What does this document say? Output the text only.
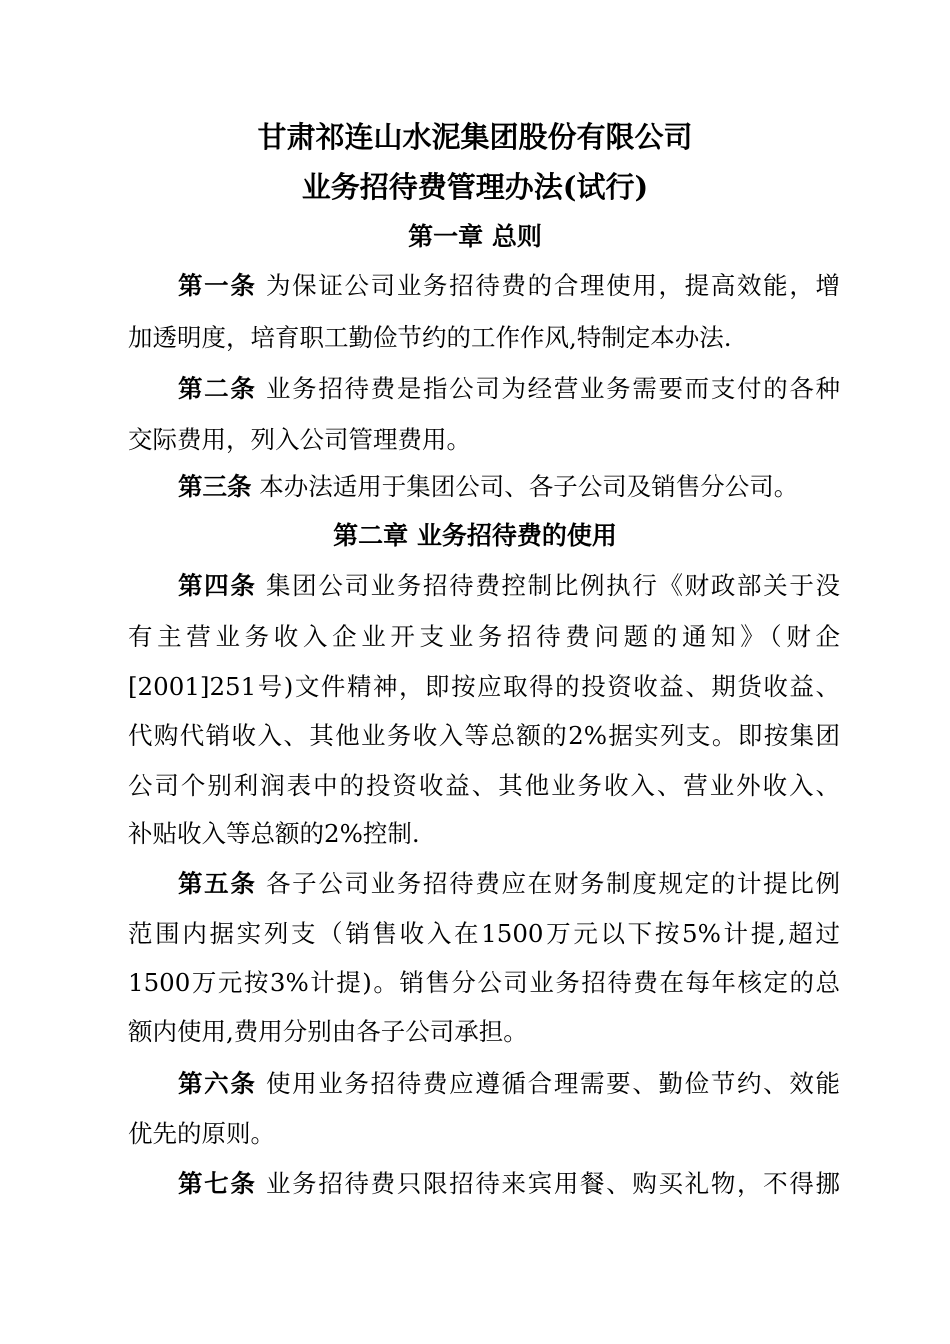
甘肃祁连山水泥集团股份有限公司
业务招待费管理办法(试行)
第一章 总则
第一条 为保证公司业务招待费的合理使用，提高效能，增
加透明度，培育职工勤俭节约的工作作风,特制定本办法.
第二条 业务招待费是指公司为经营业务需要而支付的各种
交际费用，列入公司管理费用。
第三条 本办法适用于集团公司、各子公司及销售分公司。
第二章 业务招待费的使用
第四条 集团公司业务招待费控制比例执行《财政部关于没
有主营业务收入企业开支业务招待费问题的通知》（财企
[2001]251号)文件精神，即按应取得的投资收益、期货收益、
代购代销收入、其他业务收入等总额的2%据实列支。即按集团
公司个别利润表中的投资收益、其他业务收入、营业外收入、
补贴收入等总额的2%控制.
第五条 各子公司业务招待费应在财务制度规定的计提比例
范围内据实列支（销售收入在1500万元以下按5%计提,超过
1500万元按3%计提)。销售分公司业务招待费在每年核定的总
额内使用,费用分别由各子公司承担。
第六条 使用业务招待费应遵循合理需要、勤俭节约、效能
优先的原则。
第七条 业务招待费只限招待来宾用餐、购买礼物，不得挪
